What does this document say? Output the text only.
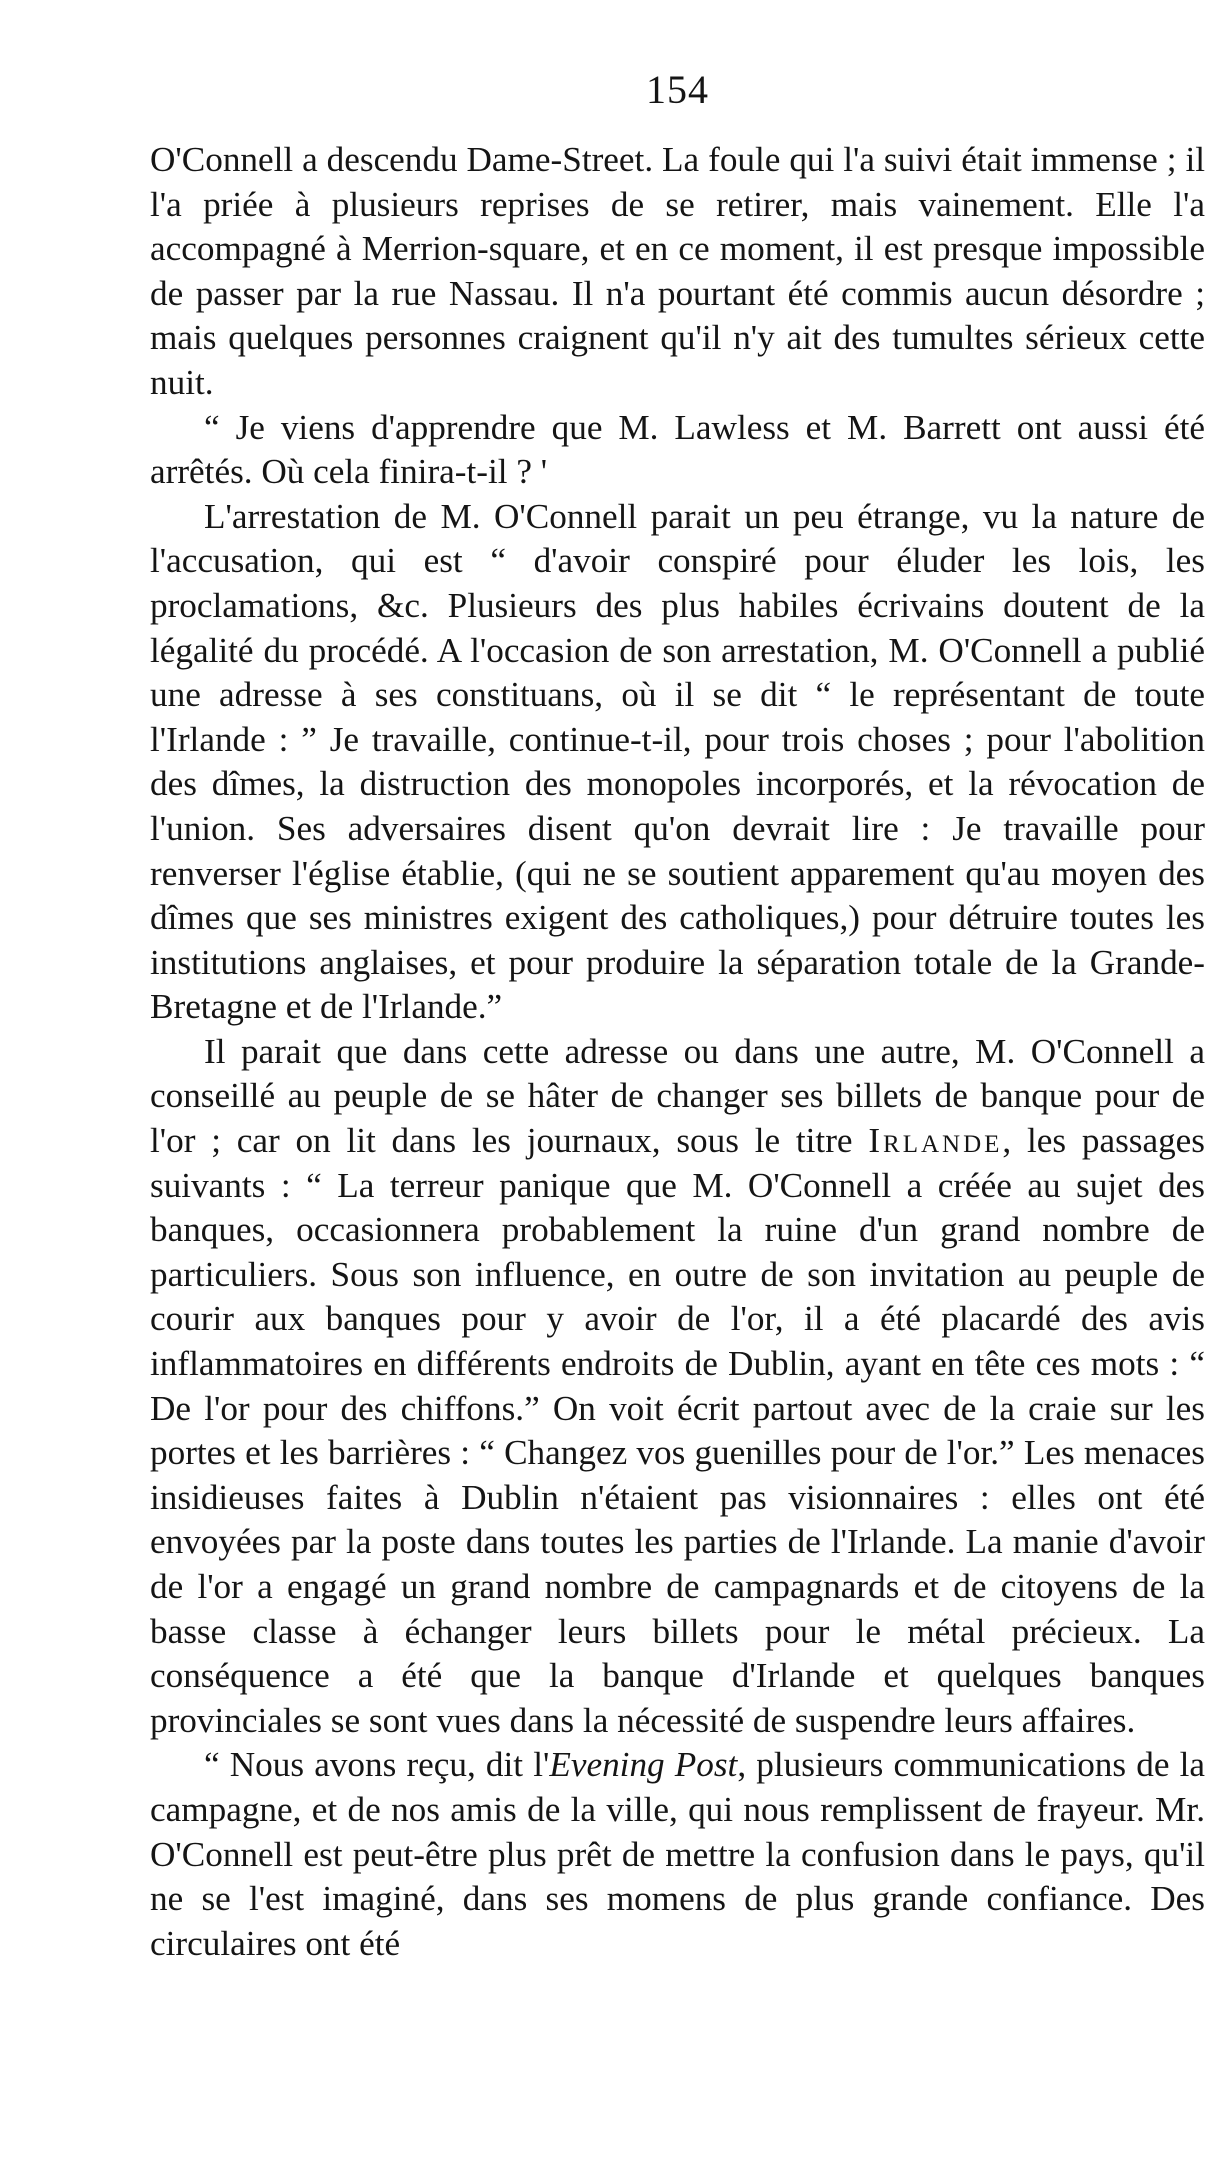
154

O'Connell a descendu Dame-Street. La foule qui l'a suivi était immense ; il l'a priée à plusieurs reprises de se retirer, mais vainement. Elle l'a accompagné à Merrion-square, et en ce moment, il est presque impossible de passer par la rue Nassau. Il n'a pourtant été commis aucun désordre ; mais quelques personnes craignent qu'il n'y ait des tumultes sérieux cette nuit.

“ Je viens d'apprendre que M. Lawless et M. Barrett ont aussi été arrêtés. Où cela finira-t-il ? '

L'arrestation de M. O'Connell parait un peu étrange, vu la nature de l'accusation, qui est “ d'avoir conspiré pour éluder les lois, les proclamations, &c. Plusieurs des plus habiles écrivains doutent de la légalité du procédé. A l'occasion de son arrestation, M. O'Connell a publié une adresse à ses constituans, où il se dit “ le représentant de toute l'Irlande : ” Je travaille, continue-t-il, pour trois choses ; pour l'abolition des dîmes, la distruction des monopoles incorporés, et la révocation de l'union. Ses adversaires disent qu'on devrait lire : Je travaille pour renverser l'église établie, (qui ne se soutient apparement qu'au moyen des dîmes que ses ministres exigent des catholiques,) pour détruire toutes les institutions anglaises, et pour produire la séparation totale de la Grande-Bretagne et de l'Irlande.”

Il parait que dans cette adresse ou dans une autre, M. O'Connell a conseillé au peuple de se hâter de changer ses billets de banque pour de l'or ; car on lit dans les journaux, sous le titre Irlande, les passages suivants : “ La terreur panique que M. O'Connell a créée au sujet des banques, occasionnera probablement la ruine d'un grand nombre de particuliers. Sous son influence, en outre de son invitation au peuple de courir aux banques pour y avoir de l'or, il a été placardé des avis inflammatoires en différents endroits de Dublin, ayant en tête ces mots : “ De l'or pour des chiffons.” On voit écrit partout avec de la craie sur les portes et les barrières : “ Changez vos guenilles pour de l'or.” Les menaces insidieuses faites à Dublin n'étaient pas visionnaires : elles ont été envoyées par la poste dans toutes les parties de l'Irlande. La manie d'avoir de l'or a engagé un grand nombre de campagnards et de citoyens de la basse classe à échanger leurs billets pour le métal précieux. La conséquence a été que la banque d'Irlande et quelques banques provinciales se sont vues dans la nécessité de suspendre leurs affaires.

“ Nous avons reçu, dit l'Evening Post, plusieurs communications de la campagne, et de nos amis de la ville, qui nous remplissent de frayeur. Mr. O'Connell est peut-être plus prêt de mettre la confusion dans le pays, qu'il ne se l'est imaginé, dans ses momens de plus grande confiance. Des circulaires ont été
